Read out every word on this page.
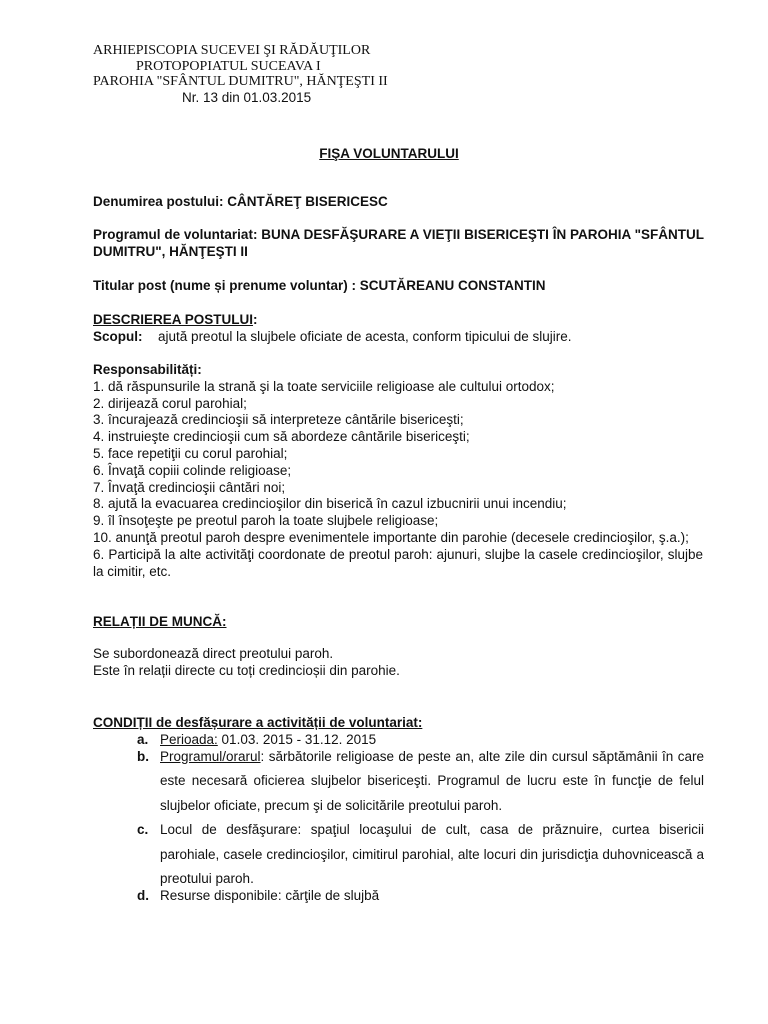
ARHIEPISCOPIA SUCEVEI ŞI RĂDĂUŢILOR
PROTOPOPIATUL SUCEAVA I
PAROHIA "SFÂNTUL DUMITRU", HĂNŢEŞTI II
Nr. 13 din 01.03.2015
FIŞA VOLUNTARULUI
Denumirea postului: CÂNTĂREŢ BISERICESC
Programul de voluntariat: BUNA DESFĂŞURARE A VIEŢII BISERICEŞTI ÎN PAROHIA "SFÂNTUL DUMITRU", HĂNŢEŞTI II
Titular post (nume și prenume voluntar) : SCUTĂREANU CONSTANTIN
DESCRIEREA POSTULUI:
Scopul: ajută preotul la slujbele oficiate de acesta, conform tipicului de slujire.
Responsabilități:
1. dă răspunsurile la strană şi la toate serviciile religioase ale cultului ortodox;
2. dirijează corul parohial;
3. încurajează credincioşii să interpreteze cântările bisericeşti;
4. instruieşte credincioşii cum să abordeze cântările bisericeşti;
5. face repetiţii cu corul parohial;
6. Învaţă copiii colinde religioase;
7. Învaţă credincioşii cântări noi;
8. ajută la evacuarea credincioşilor din biserică în cazul izbucnirii unui incendiu;
9. îl însoţeşte pe preotul paroh la toate slujbele religioase;
10. anunţă preotul paroh despre evenimentele importante din parohie (decesele credincioşilor, ş.a.);
6. Participă la alte activităţi coordonate de preotul paroh: ajunuri, slujbe la casele credincioşilor, slujbe la cimitir, etc.
RELAȚII DE MUNCĂ:
Se subordonează direct preotului paroh.
Este în relații directe cu toți credincioșii din parohie.
CONDIȚII de desfășurare a activității de voluntariat:
a. Perioada: 01.03. 2015 - 31.12. 2015
b. Programul/orarul: sărbătorile religioase de peste an, alte zile din cursul săptămânii în care este necesară oficierea slujbelor bisericeşti. Programul de lucru este în funcţie de felul slujbelor oficiate, precum şi de solicitările preotului paroh.
c. Locul de desfăşurare: spaţiul locaşului de cult, casa de prăznuire, curtea bisericii parohiale, casele credincioşilor, cimitirul parohial, alte locuri din jurisdicţia duhovnicească a preotului paroh.
d. Resurse disponibile: cărţile de slujbă
